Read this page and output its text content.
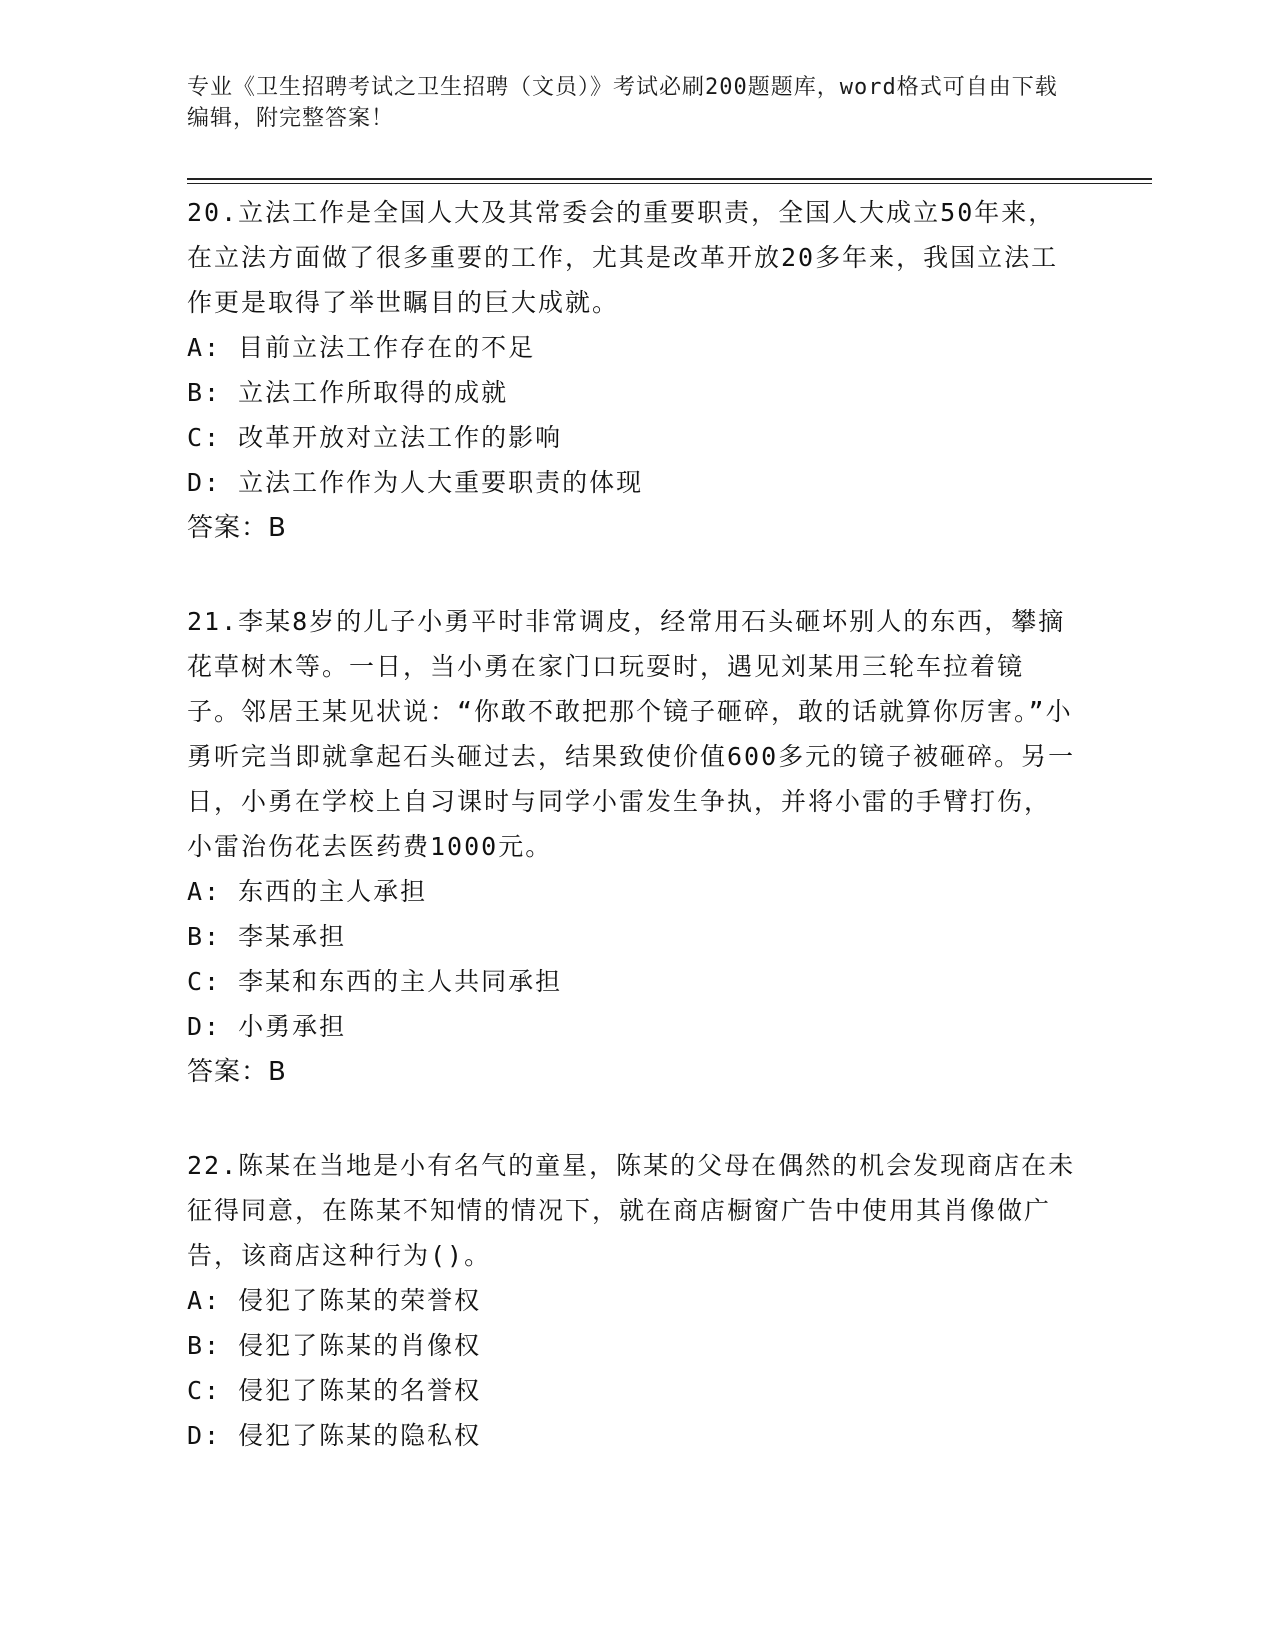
专业《卫生招聘考试之卫生招聘（文员）》考试必刷200题题库，word格式可自由下载编辑，附完整答案！

20.立法工作是全国人大及其常委会的重要职责，全国人大成立50年来，在立法方面做了很多重要的工作，尤其是改革开放20多年来，我国立法工作更是取得了举世瞩目的巨大成就。

A: 目前立法工作存在的不足

B: 立法工作所取得的成就

C: 改革开放对立法工作的影响

D: 立法工作作为人大重要职责的体现

答案：B

21.李某8岁的儿子小勇平时非常调皮，经常用石头砸坏别人的东西，攀摘花草树木等。一日，当小勇在家门口玩耍时，遇见刘某用三轮车拉着镜子。邻居王某见状说：“你敢不敢把那个镜子砸碎，敢的话就算你厉害。”小勇听完当即就拿起石头砸过去，结果致使价值600多元的镜子被砸碎。另一日，小勇在学校上自习课时与同学小雷发生争执，并将小雷的手臂打伤，小雷治伤花去医药费1000元。

A: 东西的主人承担

B: 李某承担

C: 李某和东西的主人共同承担

D: 小勇承担

答案：B

22.陈某在当地是小有名气的童星，陈某的父母在偶然的机会发现商店在未征得同意，在陈某不知情的情况下，就在商店橱窗广告中使用其肖像做广告，该商店这种行为()。

A: 侵犯了陈某的荣誉权

B: 侵犯了陈某的肖像权

C: 侵犯了陈某的名誉权

D: 侵犯了陈某的隐私权
